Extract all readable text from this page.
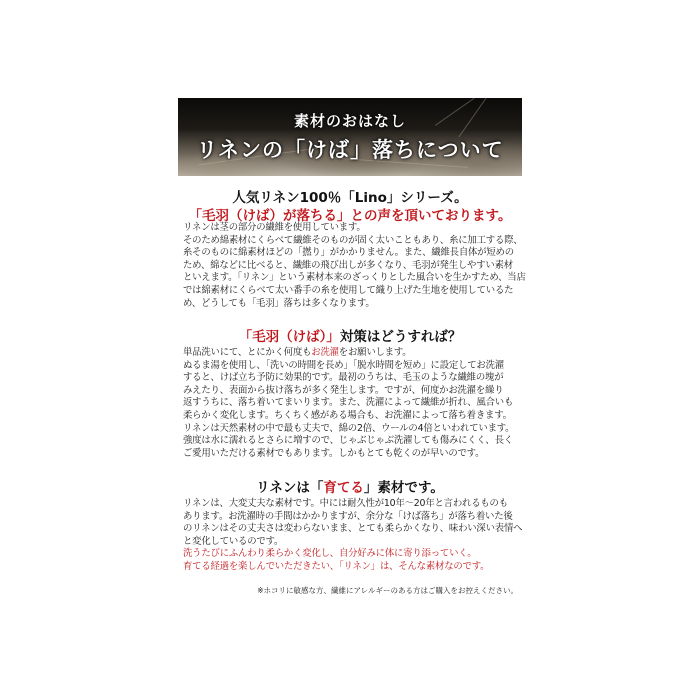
素材のおはなし
リネンの「けば」落ちについて
人気リネン100％「Lino」シリーズ。
「毛羽（けば）が落ちる」との声を頂いております。
リネンは茎の部分の繊維を使用しています。
そのため綿素材にくらべて繊維そのものが固く太いこともあり、糸に加工する際、
糸そのものに綿素材ほどの「撚り」がかかりません。また、繊維長自体が短めの
ため、綿などに比べると、繊維の飛び出しが多くなり、毛羽が発生しやすい素材
といえます。「リネン」という素材本来のざっくりとした風合いを生かすため、当店
では綿素材にくらべて太い番手の糸を使用して織り上げた生地を使用しているた
め、どうしても「毛羽」落ちは多くなります。
「毛羽（けば）」対策はどうすれば？
単品洗いにて、とにかく何度もお洗濯をお願いします。
ぬるま湯を使用し、「洗いの時間を長め」「脱水時間を短め」に設定してお洗濯
すると、けば立ち予防に効果的です。最初のうちは、毛玉のような繊維の塊が
みえたり、表面から抜け落ちが多く発生します。ですが、何度かお洗濯を繰り
返すうちに、落ち着いてまいります。また、洗濯によって繊維が折れ、風合いも
柔らかく変化します。ちくちく感がある場合も、お洗濯によって落ち着きます。
リネンは天然素材の中で最も丈夫で、綿の2倍、ウールの4倍といわれています。
強度は水に濡れるとさらに増すので、じゃぶじゃぶ洗濯しても傷みにくく、長く
ご愛用いただける素材でもあります。しかもとても乾くのが早いのです。
リネンは「育てる」素材です。
リネンは、大変丈夫な素材です。中には耐久性が10年～20年と言われるものも
あります。お洗濯時の手間はかかりますが、余分な「けば落ち」が落ち着いた後
のリネンはその丈夫さは変わらないまま、とても柔らかくなり、味わい深い表情へ
と変化しているのです。
洗うたびにふんわり柔らかく変化し、自分好みに体に寄り添っていく。
育てる経過を楽しんでいただきたい、「リネン」は、そんな素材なのです。
※ホコリに敏感な方、繊維にアレルギーのある方はご購入をお控えください。
